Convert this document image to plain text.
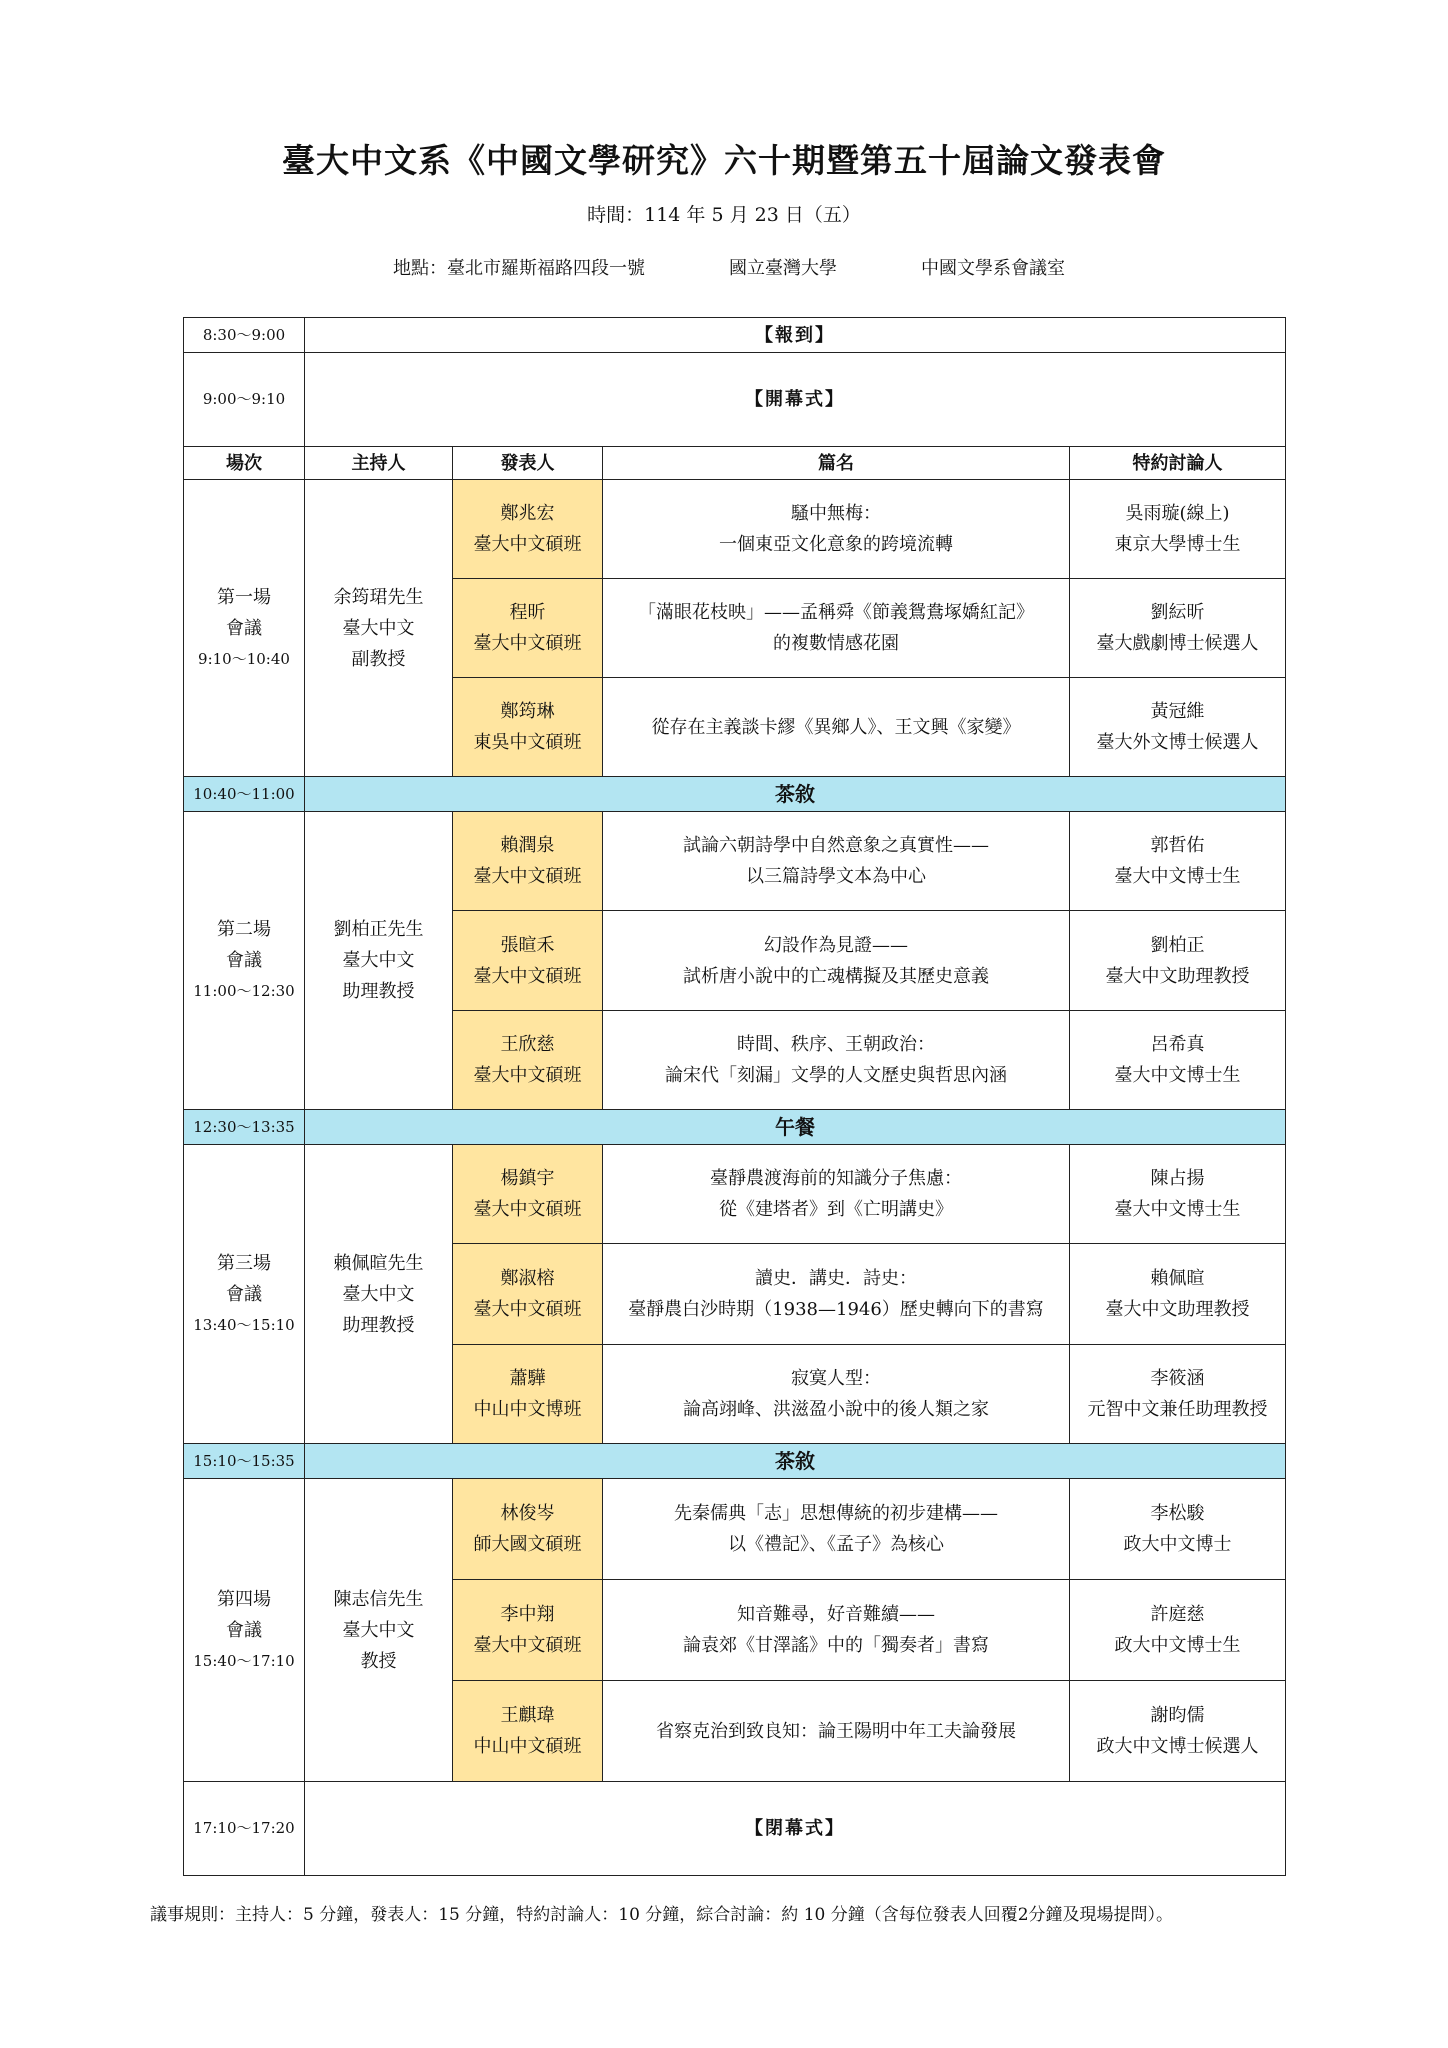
臺大中文系《中國文學研究》六十期暨第五十屆論文發表會
時間：114 年 5 月 23 日（五）
地點：臺北市羅斯福路四段一號	國立臺灣大學	中國文學系會議室
8:30～9:00	【報到】			
9:00～9:10	【開幕式】			
場次	主持人	發表人	篇名	特約討論人

第一場
會議
9:10～10:40	余筠珺先生
臺大中文
副教授	鄭兆宏
臺大中文碩班	騷中無梅：
一個東亞文化意象的跨境流轉	吳雨璇(線上)
東京大學博士生

		程昕
臺大中文碩班	「滿眼花枝映」——孟稱舜《節義鴛鴦塚嬌紅記》
的複數情感花園	劉紜昕
臺大戲劇博士候選人

		鄭筠琳
東吳中文碩班	從存在主義談卡繆《異鄉人》、王文興《家變》	黃冠維
臺大外文博士候選人

10:40～11:00	茶敘			

第二場
會議
11:00～12:30	劉柏正先生
臺大中文
助理教授	賴潤泉
臺大中文碩班	試論六朝詩學中自然意象之真實性——
以三篇詩學文本為中心	郭哲佑
臺大中文博士生

		張暄禾
臺大中文碩班	幻設作為見證——
試析唐小說中的亡魂構擬及其歷史意義	劉柏正
臺大中文助理教授

		王欣慈
臺大中文碩班	時間、秩序、王朝政治：
論宋代「刻漏」文學的人文歷史與哲思內涵	呂希真
臺大中文博士生

12:30～13:35	午餐			

第三場
會議
13:40～15:10	賴佩暄先生
臺大中文
助理教授	楊鎮宇
臺大中文碩班	臺靜農渡海前的知識分子焦慮：
從《建塔者》到《亡明講史》	陳占揚
臺大中文博士生

		鄭淑榕
臺大中文碩班	讀史．講史．詩史：
臺靜農白沙時期（1938—1946）歷史轉向下的書寫	賴佩暄
臺大中文助理教授

		蕭驊
中山中文博班	寂寞人型：
論高翊峰、洪滋盈小說中的後人類之家	李筱涵
元智中文兼任助理教授

15:10～15:35	茶敘			

第四場
會議
15:40～17:10	陳志信先生
臺大中文
教授	林俊岑
師大國文碩班	先秦儒典「志」思想傳統的初步建構——
以《禮記》、《孟子》為核心	李松駿
政大中文博士

		李中翔
臺大中文碩班	知音難尋，好音難續——
論袁郊《甘澤謠》中的「獨奏者」書寫	許庭慈
政大中文博士生

		王麒瑋
中山中文碩班	省察克治到致良知：論王陽明中年工夫論發展	謝昀儒
政大中文博士候選人

17:10～17:20	【閉幕式】			
議事規則：主持人：5 分鐘，發表人：15 分鐘，特約討論人：10 分鐘，綜合討論：約 10 分鐘（含每位發表人回覆2分鐘及現場提問）。
